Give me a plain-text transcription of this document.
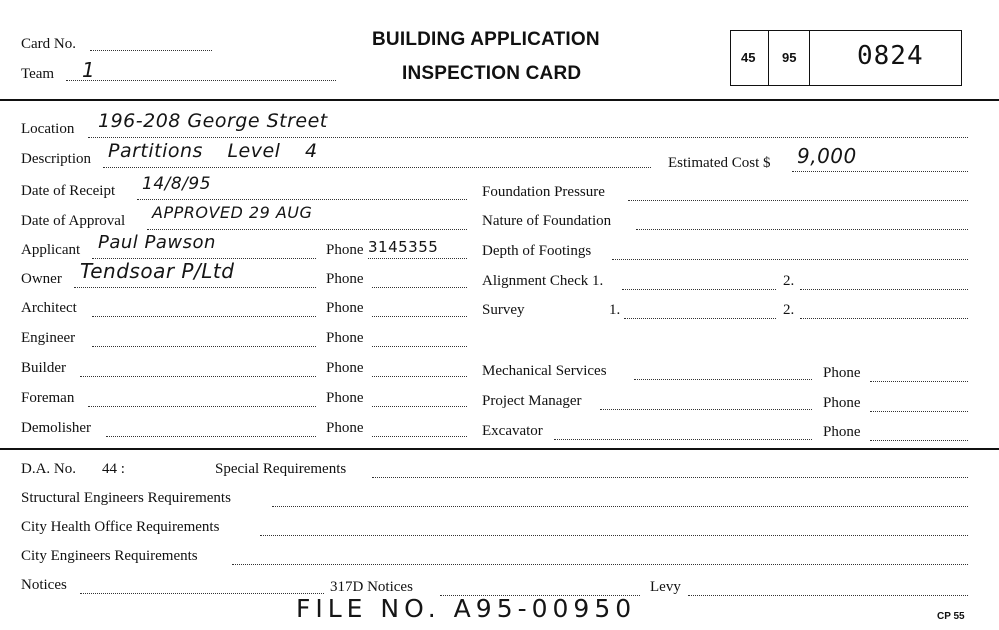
Card No.
Team 1
BUILDING APPLICATION
INSPECTION CARD
45 95 0824
Location 196-208 George Street
Description Partitions Level 4
Estimated Cost $ 9,000
Date of Receipt 14/8/95
Date of Approval APPROVED 29 AUG
Applicant Paul Pawson	Phone 3145355
Owner Tendsoar P/Ltd	Phone
Architect	Phone
Engineer	Phone
Builder	Phone
Foreman	Phone
Demolisher	Phone
Foundation Pressure
Nature of Foundation
Depth of Footings
Alignment Check 1.	2.
Survey	1.	2.
Mechanical Services	Phone
Project Manager	Phone
Excavator	Phone
D.A. No. 44 :	Special Requirements
Structural Engineers Requirements
City Health Office Requirements
City Engineers Requirements
Notices	317D Notices	Levy
FILE NO. A95-00950	CP 55
